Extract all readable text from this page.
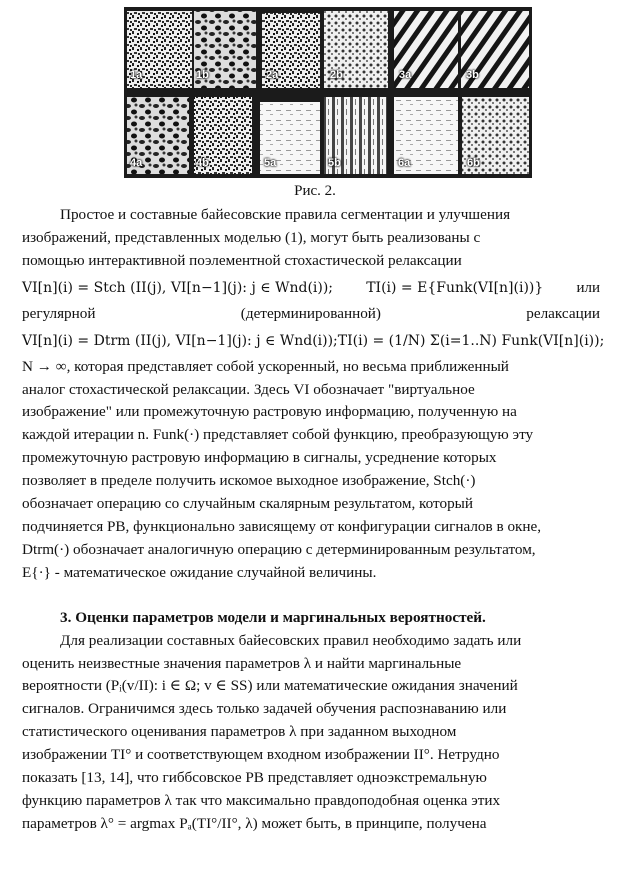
1a	1b	2a	2b	3a	3b
4a	4b	5a	5b	6a	6b
Рис. 2.
Простое и составные байесовские правила сегментации и улучшения
изображений, представленных моделью (1), могут быть реализованы с
помощью интерактивной поэлементной стохастической релаксации
VI[n](i) = Stch (II(j), VI[n−1](j): j ∈ Wnd(i)); TI(i) = E{Funk(VI[n](i))} или
регулярной	(детерминированной)	релаксации
VI[n](i) = Dtrm (II(j), VI[n−1](j): j ∈ Wnd(i)); TI(i) = (1/N) Σ(i=1..N) Funk(VI[n](i));
N → ∞, которая представляет собой ускоренный, но весьма приближенный
аналог стохастической релаксации. Здесь VI обозначает "виртуальное
изображение" или промежуточную растровую информацию, полученную на
каждой итерации n. Funk(·) представляет собой функцию, преобразующую эту
промежуточную растровую информацию в сигналы, усреднение которых
позволяет в пределе получить искомое выходное изображение, Stch(·)
обозначает операцию со случайным скалярным результатом, который
подчиняется РВ, функционально зависящему от конфигурации сигналов в окне,
Dtrm(·) обозначает аналогичную операцию с детерминированным результатом,
E{·} - математическое ожидание случайной величины.
3. Оценки параметров модели и маргинальных вероятностей.
Для реализации составных байесовских правил необходимо задать или
оценить неизвестные значения параметров λ и найти маргинальные
вероятности (Pᵢ(v/II): i ∈ Ω; v ∈ SS) или математические ожидания значений
сигналов. Ограничимся здесь только задачей обучения распознаванию или
статистического оценивания параметров λ при заданном выходном
изображении TI° и соответствующем входном изображении II°. Нетрудно
показать [13, 14], что гиббсовское РВ представляет одноэкстремальную
функцию параметров λ так что максимально правдоподобная оценка этих
параметров λ° = argmax Pₐ(TI°/II°, λ) может быть, в принципе, получена
